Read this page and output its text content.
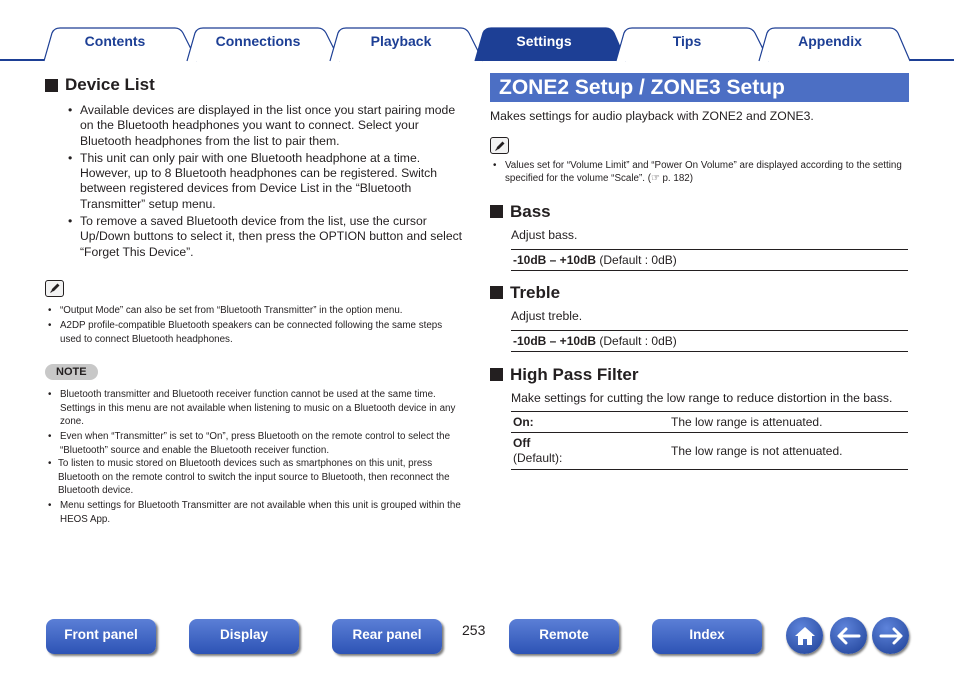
Contents	Connections	Playback	Settings	Tips	Appendix
Device List
• Available devices are displayed in the list once you start pairing mode on the Bluetooth headphones you want to connect. Select your Bluetooth headphones from the list to pair them.
• This unit can only pair with one Bluetooth headphone at a time. However, up to 8 Bluetooth headphones can be registered. Switch between registered devices from Device List in the “Bluetooth Transmitter” setup menu.
• To remove a saved Bluetooth device from the list, use the cursor Up/Down buttons to select it, then press the OPTION button and select “Forget This Device”.
• “Output Mode” can also be set from “Bluetooth Transmitter” in the option menu.
• A2DP profile-compatible Bluetooth speakers can be connected following the same steps used to connect Bluetooth headphones.
NOTE
• Bluetooth transmitter and Bluetooth receiver function cannot be used at the same time. Settings in this menu are not available when listening to music on a Bluetooth device in any zone.
• Even when “Transmitter” is set to “On”, press Bluetooth on the remote control to select the “Bluetooth” source and enable the Bluetooth receiver function.
• To listen to music stored on Bluetooth devices such as smartphones on this unit, press Bluetooth on the remote control to switch the input source to Bluetooth, then reconnect the Bluetooth device.
• Menu settings for Bluetooth Transmitter are not available when this unit is grouped within the HEOS App.
ZONE2 Setup / ZONE3 Setup
Makes settings for audio playback with ZONE2 and ZONE3.
• Values set for “Volume Limit” and “Power On Volume” are displayed according to the setting specified for the volume “Scale”. (☞ p. 182)
Bass
Adjust bass.
-10dB – +10dB (Default : 0dB)
Treble
Adjust treble.
-10dB – +10dB (Default : 0dB)
High Pass Filter
Make settings for cutting the low range to reduce distortion in the bass.
On:	The low range is attenuated.
Off
(Default):	The low range is not attenuated.
Front panel	Display	Rear panel	253	Remote	Index
